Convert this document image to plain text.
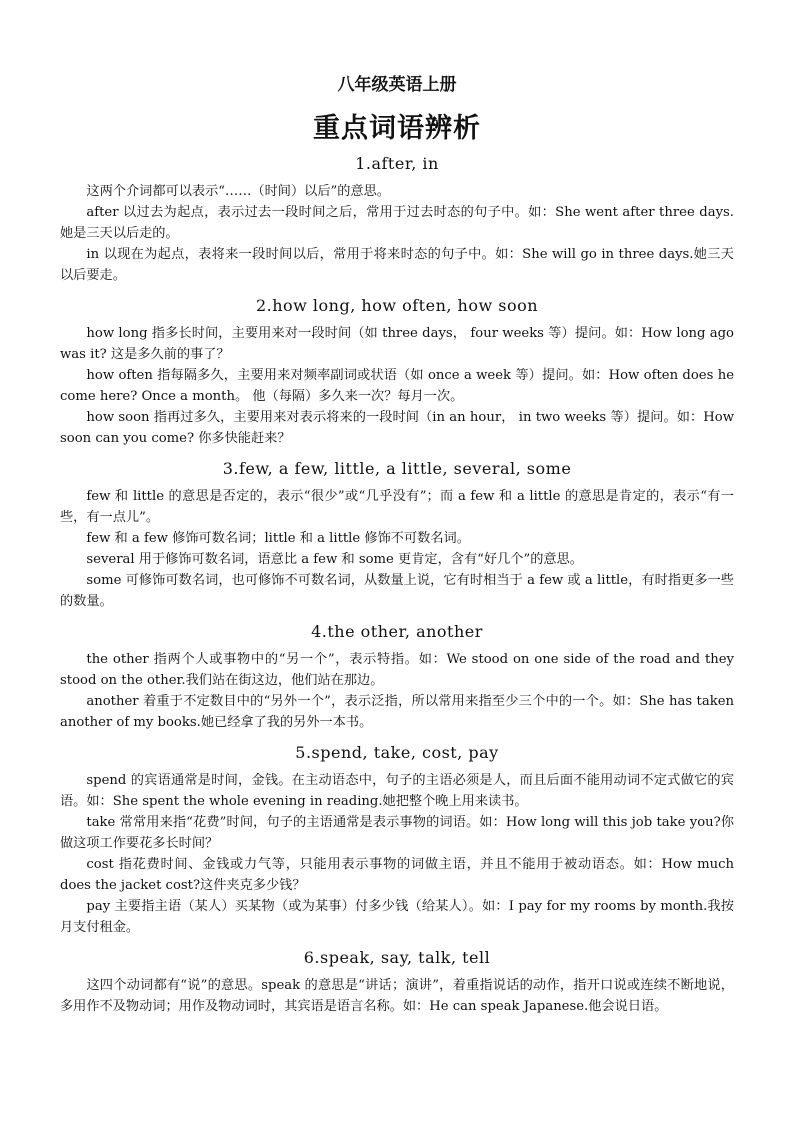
八年级英语上册
重点词语辨析
1.after, in

这两个介词都可以表示“……（时间）以后”的意思。

after 以过去为起点，表示过去一段时间之后，常用于过去时态的句子中。如：She went after three days.她是三天以后走的。

in 以现在为起点，表将来一段时间以后，常用于将来时态的句子中。如：She will go in three days.她三天以后要走。

2.how long, how often, how soon

how long 指多长时间，主要用来对一段时间（如 three days， four weeks 等）提问。如：How long ago was it? 这是多久前的事了？

how often 指每隔多久，主要用来对频率副词或状语（如 once a week 等）提问。如：How often does he come here? Once a month。 他（每隔）多久来一次？每月一次。

how soon 指再过多久，主要用来对表示将来的一段时间（in an hour， in two weeks 等）提问。如：How soon can you come? 你多快能赶来？

3.few, a few, little, a little, several, some

few 和 little 的意思是否定的，表示“很少”或“几乎没有”；而 a few 和 a little 的意思是肯定的，表示“有一些，有一点儿”。

few 和 a few 修饰可数名词；little 和 a little 修饰不可数名词。

several 用于修饰可数名词，语意比 a few 和 some 更肯定，含有“好几个”的意思。

some 可修饰可数名词，也可修饰不可数名词，从数量上说，它有时相当于 a few 或 a little，有时指更多一些的数量。

4.the other, another

the other 指两个人或事物中的“另一个”，表示特指。如：We stood on one side of the road and they stood on the other.我们站在街这边，他们站在那边。

another 着重于不定数目中的“另外一个”，表示泛指，所以常用来指至少三个中的一个。如：She has taken another of my books.她已经拿了我的另外一本书。

5.spend, take, cost, pay

spend 的宾语通常是时间，金钱。在主动语态中，句子的主语必须是人，而且后面不能用动词不定式做它的宾语。如：She spent the whole evening in reading.她把整个晚上用来读书。

take 常常用来指“花费”时间，句子的主语通常是表示事物的词语。如：How long will this job take you?你做这项工作要花多长时间？

cost 指花费时间、金钱或力气等，只能用表示事物的词做主语，并且不能用于被动语态。如：How much does the jacket cost?这件夹克多少钱？

pay 主要指主语（某人）买某物（或为某事）付多少钱（给某人）。如：I pay for my rooms by month.我按月支付租金。

6.speak, say, talk, tell

这四个动词都有“说”的意思。speak 的意思是“讲话；演讲”，着重指说话的动作，指开口说或连续不断地说，多用作不及物动词；用作及物动词时，其宾语是语言名称。如：He can speak Japanese.他会说日语。
